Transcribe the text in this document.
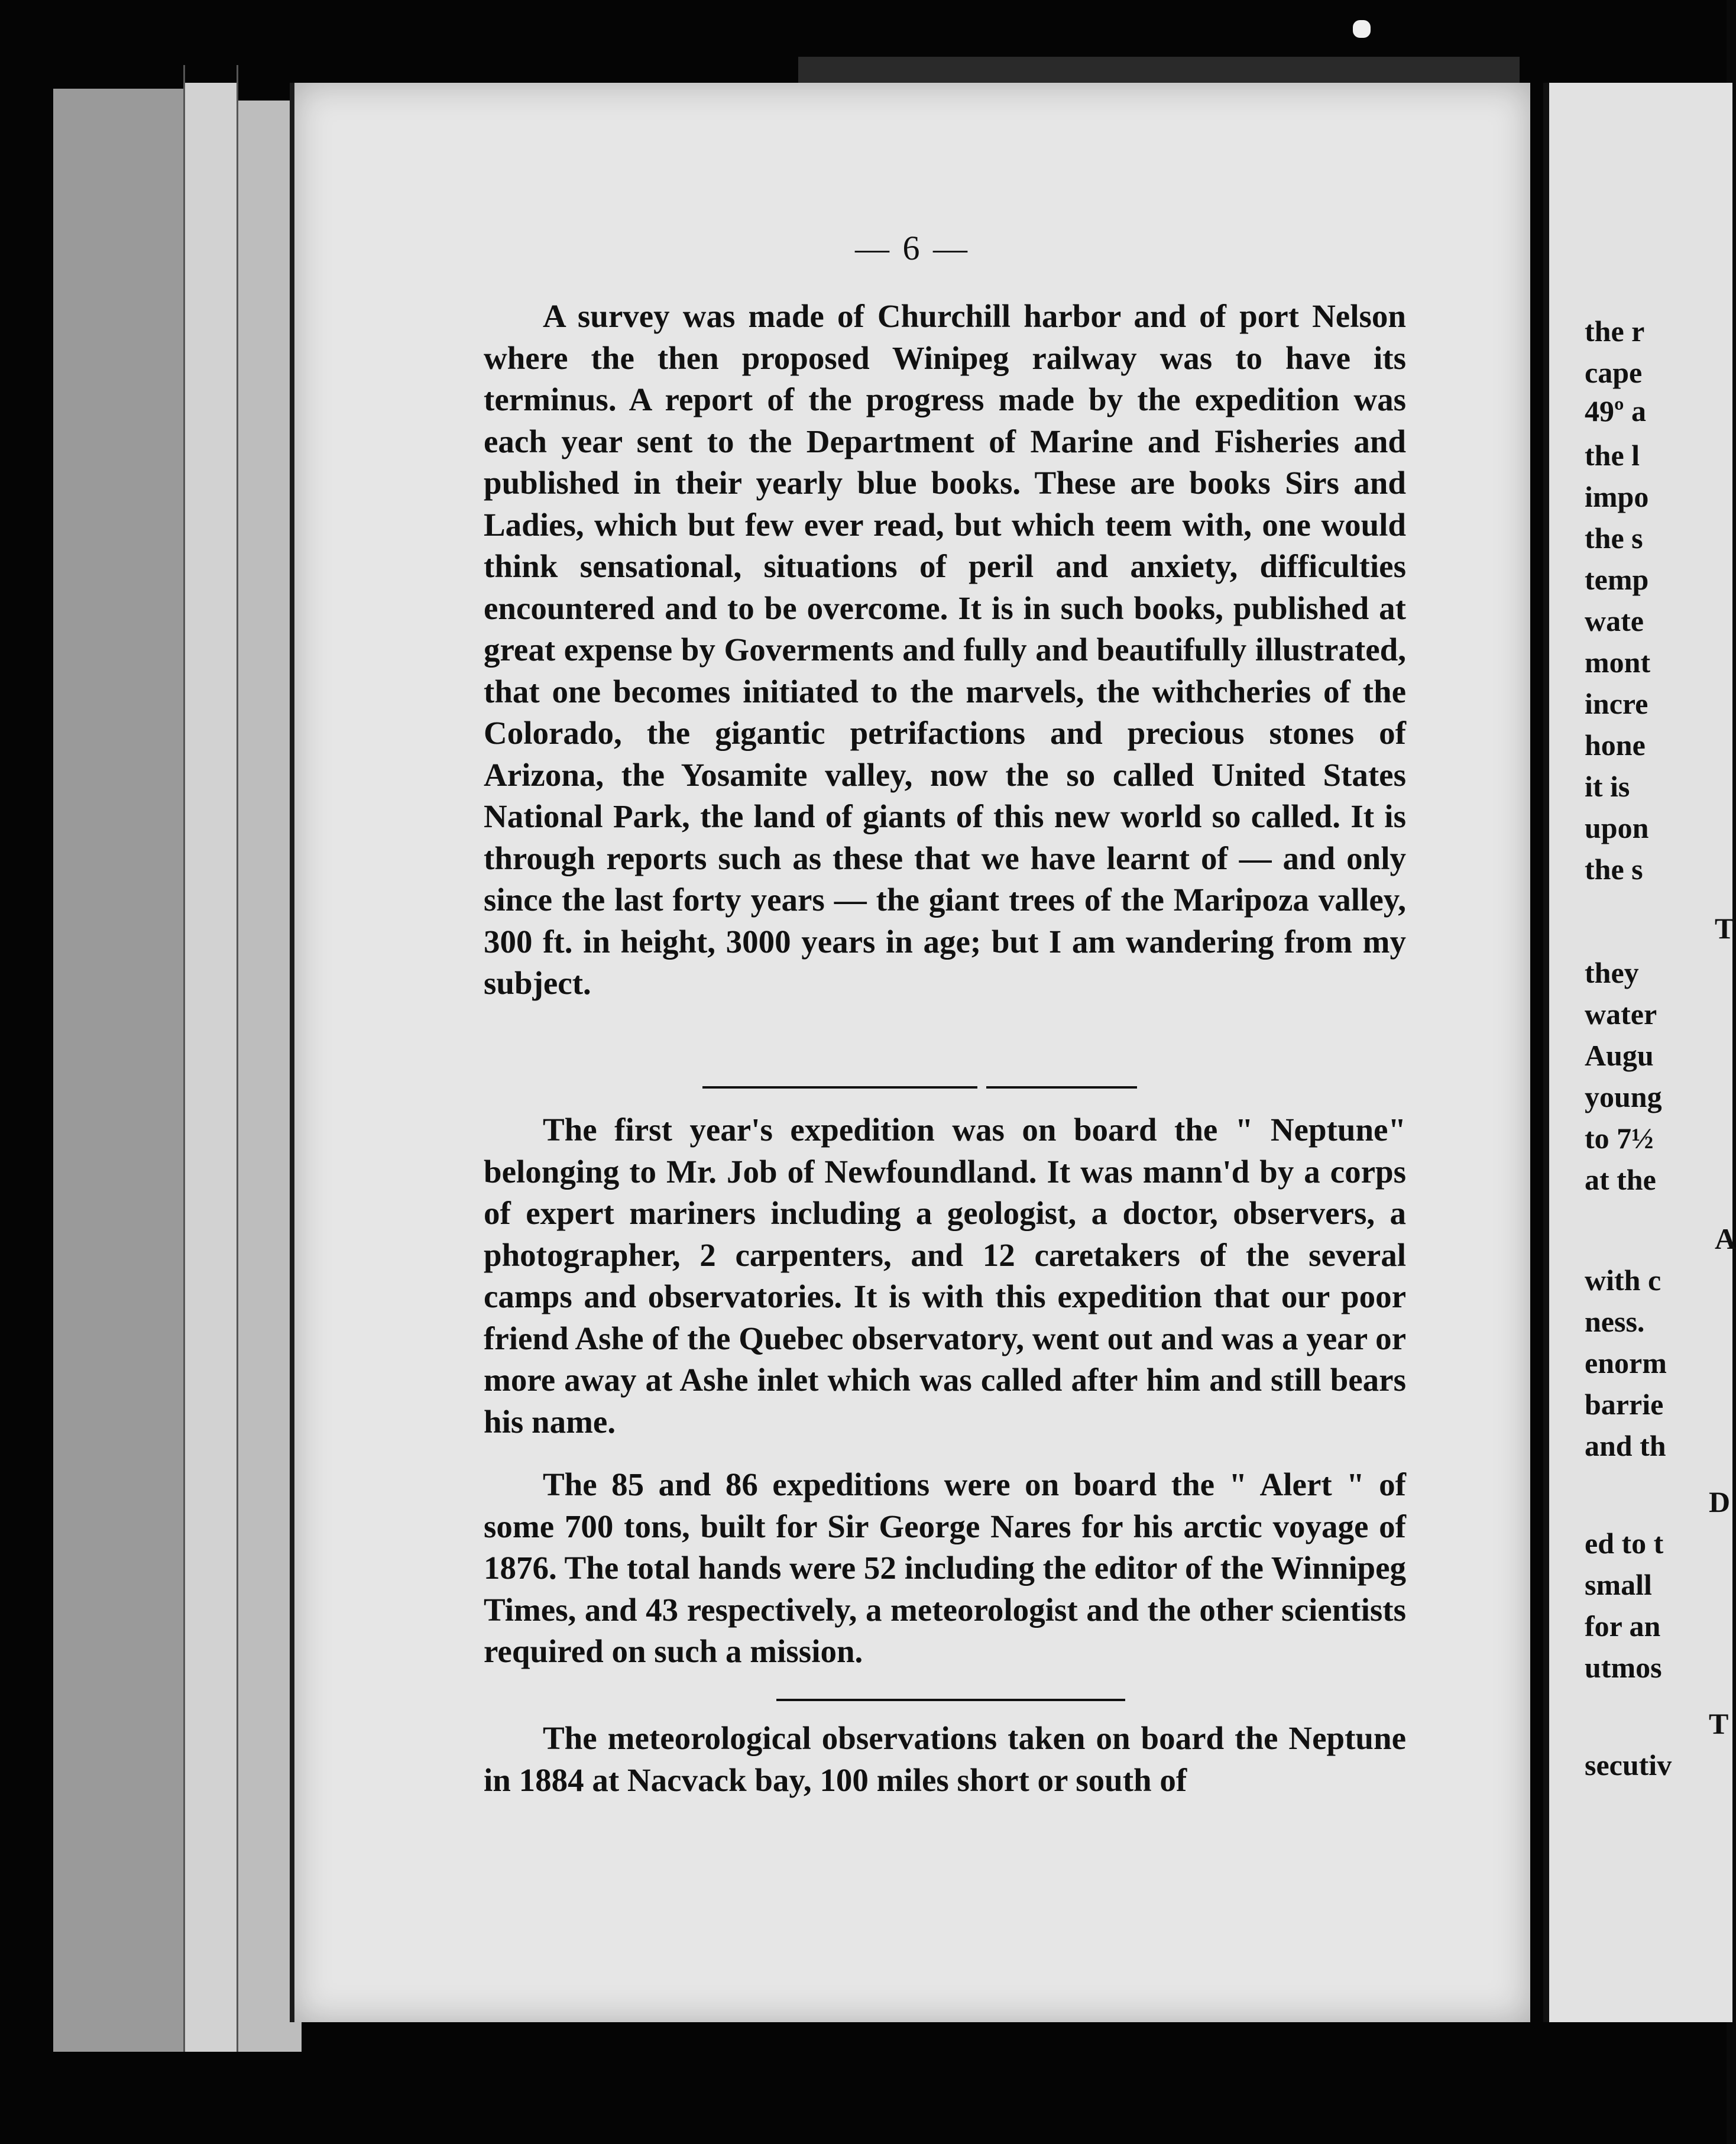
— 6 —

A survey was made of Churchill harbor and of port Nelson where the then proposed Winipeg railway was to have its terminus. A report of the progress made by the expedition was each year sent to the Department of Marine and Fisheries and published in their yearly blue books. These are books Sirs and Ladies, which but few ever read, but which teem with, one would think sensational, situations of peril and anxiety, difficulties encountered and to be overcome. It is in such books, published at great expense by Goverments and fully and beautifully illustrated, that one becomes initiated to the marvels, the withcheries of the Colorado, the gigantic petrifactions and precious stones of Arizona, the Yosamite valley, now the so called United States National Park, the land of giants of this new world so called. It is through reports such as these that we have learnt of — and only since the last forty years — the giant trees of the Maripoza valley, 300 ft. in height, 3000 years in age; but I am wandering from my subject.

The first year's expedition was on board the " Neptune" belonging to Mr. Job of Newfoundland. It was mann'd by a corps of expert mariners including a geologist, a doctor, observers, a photographer, 2 carpenters, and 12 caretakers of the several camps and observatories. It is with this expedition that our poor friend Ashe of the Quebec observatory, went out and was a year or more away at Ashe inlet which was called after him and still bears his name.

The 85 and 86 expeditions were on board the " Alert " of some 700 tons, built for Sir George Nares for his arctic voyage of 1876. The total hands were 52 including the editor of the Winnipeg Times, and 43 respectively, a meteorologist and the other scientists required on such a mission.

The meteorological observations taken on board the Neptune in 1884 at Nacvack bay, 100 miles short or south of

the r
cape
49º a
the l
impo
the s
temp
wate
mont
incre
hone
it is
upon
the s
T
they
water
Augu
young
to 7½
at the
A
with c
ness.
enorm
barrie
and th
D
ed to t
small
for an
utmos
T
secutiv
